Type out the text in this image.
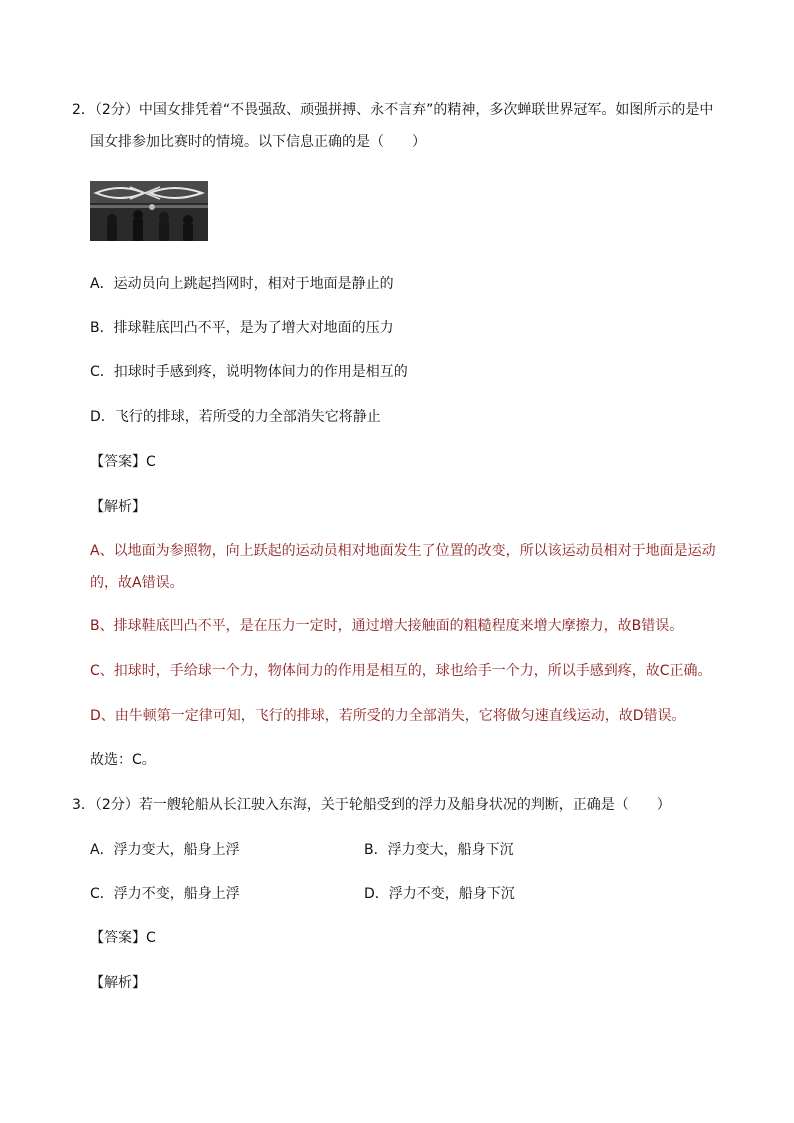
2．（2分）中国女排凭着“不畏强敌、顽强拼搏、永不言弃”的精神，多次蝉联世界冠军。如图所示的是中
国女排参加比赛时的情境。以下信息正确的是（　　）
A．运动员向上跳起挡网时，相对于地面是静止的
B．排球鞋底凹凸不平，是为了增大对地面的压力
C．扣球时手感到疼，说明物体间力的作用是相互的
D．飞行的排球，若所受的力全部消失它将静止
【答案】C
【解析】
A、以地面为参照物，向上跃起的运动员相对地面发生了位置的改变，所以该运动员相对于地面是运动
的，故A错误。
B、排球鞋底凹凸不平，是在压力一定时，通过增大接触面的粗糙程度来增大摩擦力，故B错误。
C、扣球时，手给球一个力，物体间力的作用是相互的，球也给手一个力，所以手感到疼，故C正确。
D、由牛顿第一定律可知，飞行的排球，若所受的力全部消失，它将做匀速直线运动，故D错误。
故选：C。
3．（2分）若一艘轮船从长江驶入东海，关于轮船受到的浮力及船身状况的判断，正确是（　　）
A．浮力变大，船身上浮	B．浮力变大，船身下沉
C．浮力不变，船身上浮	D．浮力不变，船身下沉
【答案】C
【解析】
